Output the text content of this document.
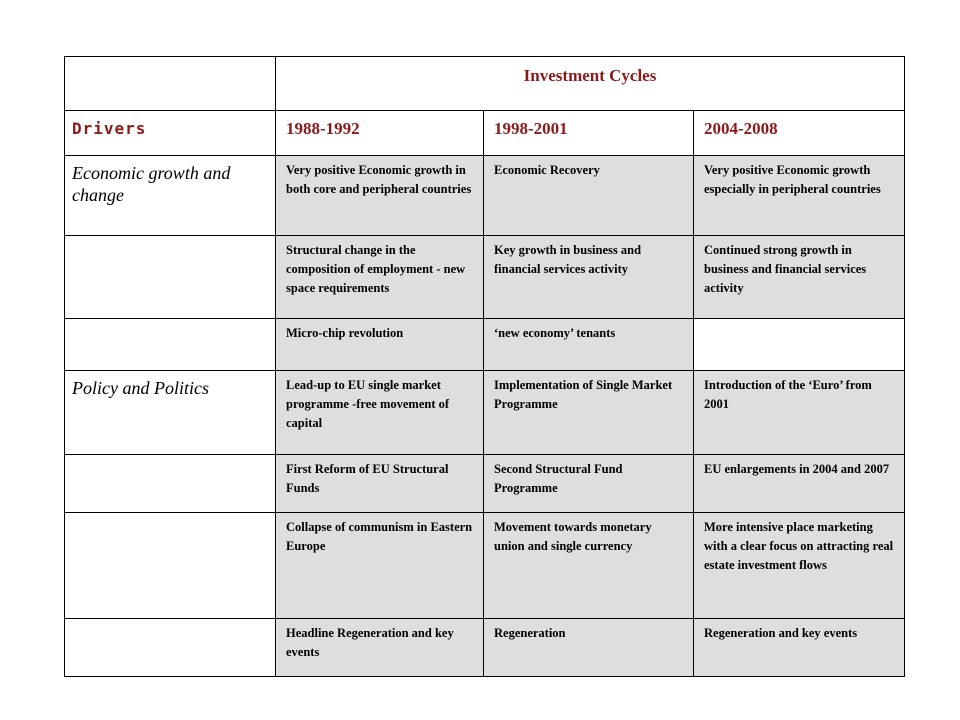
	Investment Cycles		
Drivers	1988-1992	1998-2001	2004-2008
Economic growth and change	Very positive Economic growth in both core and peripheral countries	Economic Recovery	Very positive Economic growth especially in peripheral countries
	Structural change in the composition of employment - new space requirements	Key growth in business and financial services activity	Continued strong growth in business and financial services activity
	Micro-chip revolution	‘new economy’ tenants	
Policy and Politics	Lead-up to EU single market programme -free movement of capital	Implementation of Single Market Programme	Introduction of the ‘Euro’ from 2001
	First Reform of EU Structural Funds	Second Structural Fund Programme	EU enlargements in 2004 and 2007
	Collapse of communism in Eastern Europe	Movement towards monetary union and single currency	More intensive place marketing with a clear focus on attracting real estate investment flows
	Headline Regeneration and key events	Regeneration	Regeneration and key events
